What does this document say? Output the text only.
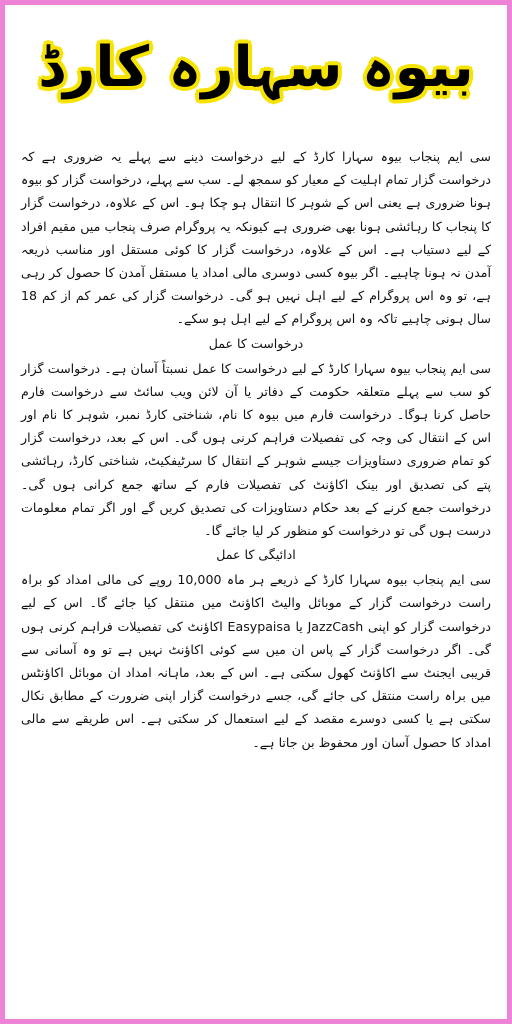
بیوہ سہارہ کارڈ

سی ایم پنجاب بیوہ سہارا کارڈ کے لیے درخواست دینے سے پہلے یہ ضروری ہے کہ درخواست گزار تمام اہلیت کے معیار کو سمجھ لے۔ سب سے پہلے، درخواست گزار کو بیوہ ہونا ضروری ہے یعنی اس کے شوہر کا انتقال ہو چکا ہو۔ اس کے علاوہ، درخواست گزار کا پنجاب کا رہائشی ہونا بھی ضروری ہے کیونکہ یہ پروگرام صرف پنجاب میں مقیم افراد کے لیے دستیاب ہے۔ اس کے علاوہ، درخواست گزار کا کوئی مستقل اور مناسب ذریعہ آمدن نہ ہونا چاہیے۔ اگر بیوہ کسی دوسری مالی امداد یا مستقل آمدن کا حصول کر رہی ہے، تو وہ اس پروگرام کے لیے اہل نہیں ہو گی۔ درخواست گزار کی عمر کم از کم 18 سال ہونی چاہیے تاکہ وہ اس پروگرام کے لیے اہل ہو سکے۔

درخواست کا عمل

سی ایم پنجاب بیوہ سہارا کارڈ کے لیے درخواست کا عمل نسبتاً آسان ہے۔ درخواست گزار کو سب سے پہلے متعلقہ حکومت کے دفاتر یا آن لائن ویب سائٹ سے درخواست فارم حاصل کرنا ہوگا۔ درخواست فارم میں بیوہ کا نام، شناختی کارڈ نمبر، شوہر کا نام اور اس کے انتقال کی وجہ کی تفصیلات فراہم کرنی ہوں گی۔ اس کے بعد، درخواست گزار کو تمام ضروری دستاویزات جیسے شوہر کے انتقال کا سرٹیفکیٹ، شناختی کارڈ، رہائشی پتے کی تصدیق اور بینک اکاؤنٹ کی تفصیلات فارم کے ساتھ جمع کرانی ہوں گی۔ درخواست جمع کرنے کے بعد حکام دستاویزات کی تصدیق کریں گے اور اگر تمام معلومات درست ہوں گی تو درخواست کو منظور کر لیا جائے گا۔

ادائیگی کا عمل

سی ایم پنجاب بیوہ سہارا کارڈ کے ذریعے ہر ماہ 10,000 روپے کی مالی امداد کو براہ راست درخواست گزار کے موبائل والیٹ اکاؤنٹ میں منتقل کیا جائے گا۔ اس کے لیے درخواست گزار کو اپنی JazzCash یا Easypaisa اکاؤنٹ کی تفصیلات فراہم کرنی ہوں گی۔ اگر درخواست گزار کے پاس ان میں سے کوئی اکاؤنٹ نہیں ہے تو وہ آسانی سے قریبی ایجنٹ سے اکاؤنٹ کھول سکتی ہے۔ اس کے بعد، ماہانہ امداد ان موبائل اکاؤنٹس میں براہ راست منتقل کی جائے گی، جسے درخواست گزار اپنی ضرورت کے مطابق نکال سکتی ہے یا کسی دوسرے مقصد کے لیے استعمال کر سکتی ہے۔ اس طریقے سے مالی امداد کا حصول آسان اور محفوظ بن جاتا ہے۔
